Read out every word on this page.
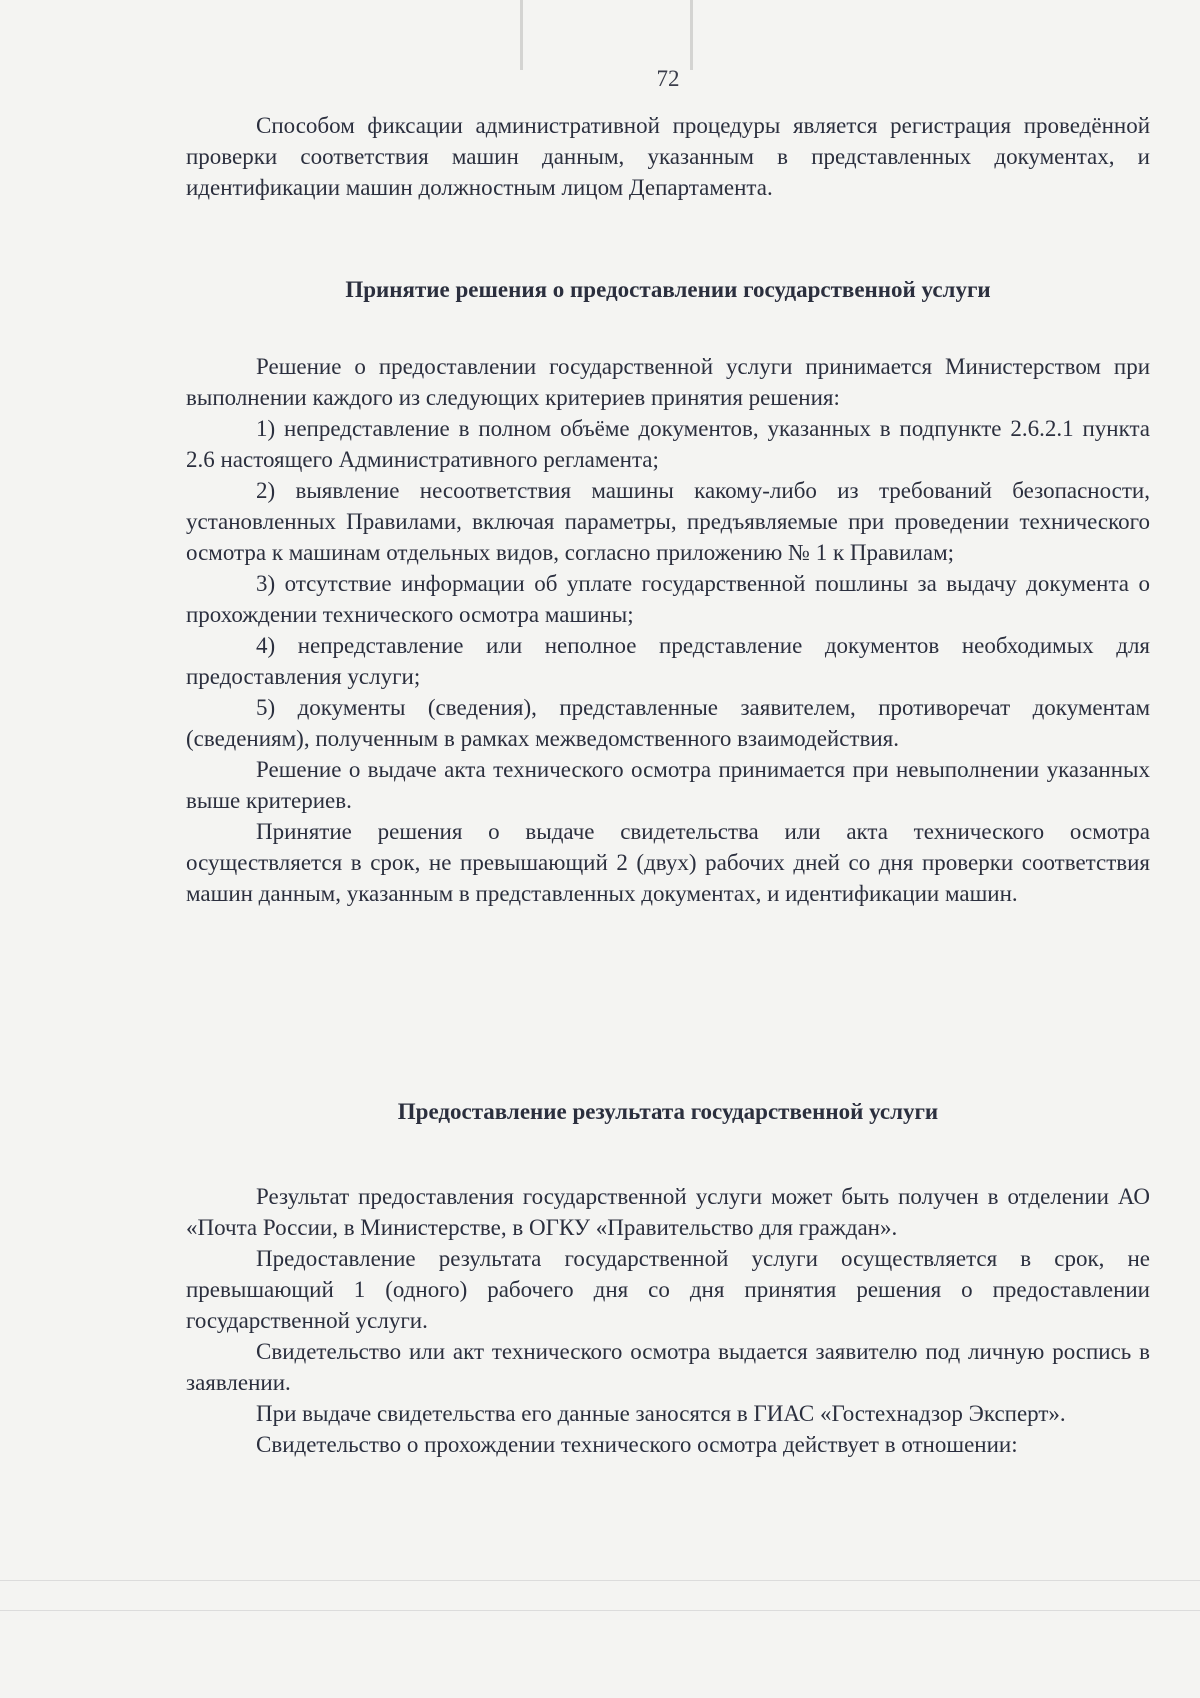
72

Способом фиксации административной процедуры является регистрация проведённой проверки соответствия машин данным, указанным в представленных документах, и идентификации машин должностным лицом Департамента.

Принятие решения о предоставлении государственной услуги

Решение о предоставлении государственной услуги принимается Министерством при выполнении каждого из следующих критериев принятия решения:

1) непредставление в полном объёме документов, указанных в подпункте 2.6.2.1 пункта 2.6 настоящего Административного регламента;

2) выявление несоответствия машины какому-либо из требований безопасности, установленных Правилами, включая параметры, предъявляемые при проведении технического осмотра к машинам отдельных видов, согласно приложению № 1 к Правилам;

3) отсутствие информации об уплате государственной пошлины за выдачу документа о прохождении технического осмотра машины;

4) непредставление или неполное представление документов необходимых для предоставления услуги;

5) документы (сведения), представленные заявителем, противоречат документам (сведениям), полученным в рамках межведомственного взаимодействия.

Решение о выдаче акта технического осмотра принимается при невыполнении указанных выше критериев.

Принятие решения о выдаче свидетельства или акта технического осмотра осуществляется в срок, не превышающий 2 (двух) рабочих дней со дня проверки соответствия машин данным, указанным в представленных документах, и идентификации машин.

Предоставление результата государственной услуги

Результат предоставления государственной услуги может быть получен в отделении АО «Почта России, в Министерстве, в ОГКУ «Правительство для граждан».

Предоставление результата государственной услуги осуществляется в срок, не превышающий 1 (одного) рабочего дня со дня принятия решения о предоставлении государственной услуги.

Свидетельство или акт технического осмотра выдается заявителю под личную роспись в заявлении.

При выдаче свидетельства его данные заносятся в ГИАС «Гостехнадзор Эксперт».

Свидетельство о прохождении технического осмотра действует в отношении:
